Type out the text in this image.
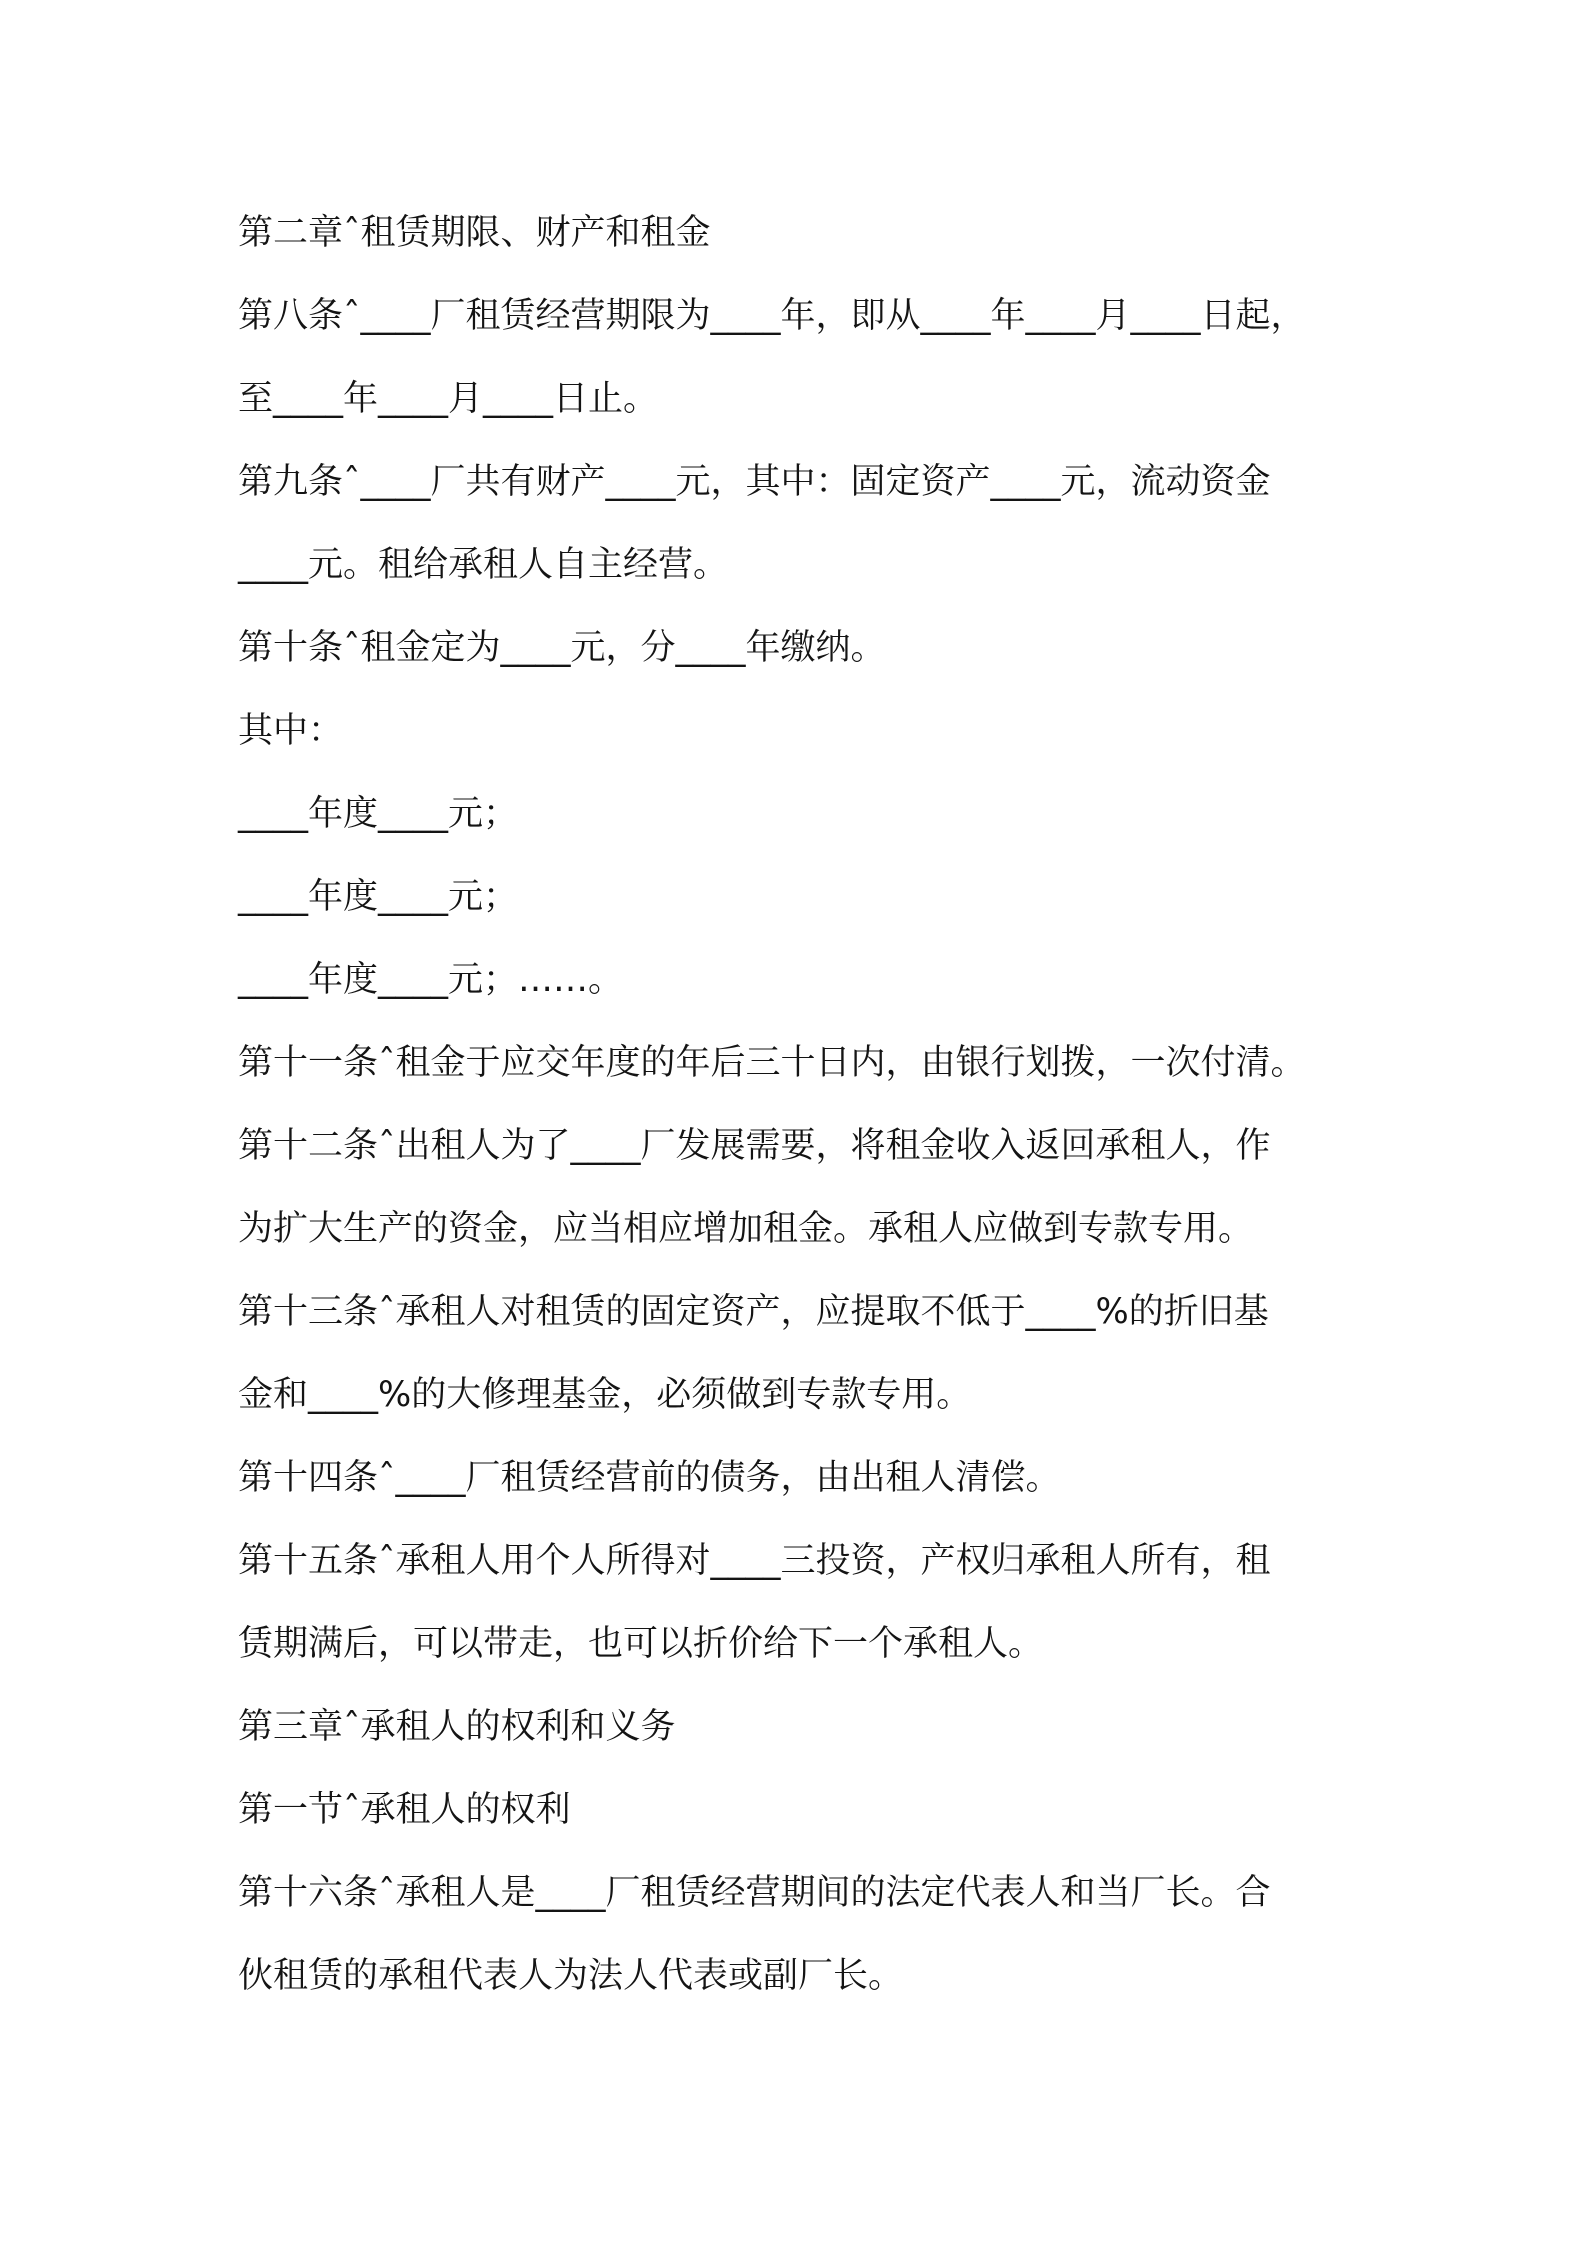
第二章ˆ租赁期限、财产和租金
第八条ˆ____厂租赁经营期限为____年，即从____年____月____日起，
至____年____月____日止。
第九条ˆ____厂共有财产____元，其中：固定资产____元，流动资金
____元。租给承租人自主经营。
第十条ˆ租金定为____元，分____年缴纳。
其中：
____年度____元；
____年度____元；
____年度____元；……。
第十一条ˆ租金于应交年度的年后三十日内，由银行划拨，一次付清。
第十二条ˆ出租人为了____厂发展需要，将租金收入返回承租人，作
为扩大生产的资金，应当相应增加租金。承租人应做到专款专用。
第十三条ˆ承租人对租赁的固定资产，应提取不低于____%的折旧基
金和____%的大修理基金，必须做到专款专用。
第十四条ˆ____厂租赁经营前的债务，由出租人清偿。
第十五条ˆ承租人用个人所得对____三投资，产权归承租人所有，租
赁期满后，可以带走，也可以折价给下一个承租人。
第三章ˆ承租人的权利和义务
第一节ˆ承租人的权利
第十六条ˆ承租人是____厂租赁经营期间的法定代表人和当厂长。合
伙租赁的承租代表人为法人代表或副厂长。
